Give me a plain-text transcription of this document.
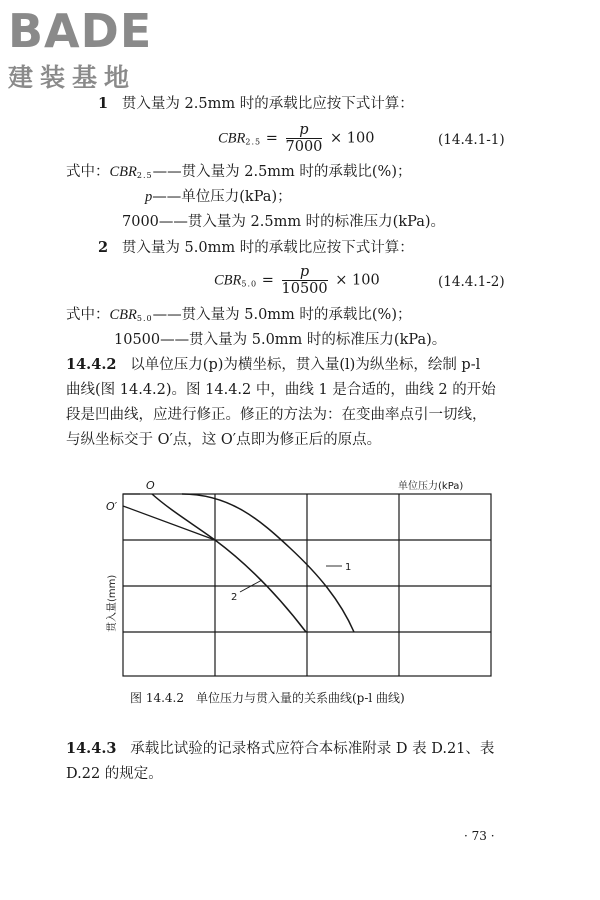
BADE
建装基地
1 贯入量为 2.5mm 时的承载比应按下式计算：
$CBR_{2.5} = \frac{p}{7000} \times 100$	(14.4.1-1)
式中：$CBR_{2.5}——$贯入量为 2.5mm 时的承载比(%)；
p——单位压力(kPa)；
7000——贯入量为 2.5mm 时的标准压力(kPa)。
2 贯入量为 5.0mm 时的承载比应按下式计算：
$CBR_{5.0} = \frac{p}{10500} \times 100$	(14.4.1-2)
式中：$CBR_{5.0}——$贯入量为 5.0mm 时的承载比(%)；
10500——贯入量为 5.0mm 时的标准压力(kPa)。
14.4.2 以单位压力(p)为横坐标，贯入量(l)为纵坐标，绘制 p-l
曲线(图 14.4.2)。图 14.4.2 中，曲线 1 是合适的，曲线 2 的开始
段是凹曲线，应进行修正。修正的方法为：在变曲率点引一切线，
与纵坐标交于 O′点，这 O′点即为修正后的原点。
O
O′
单位压力(kPa)
1
2
贯入量(mm)
图 14.4.2　单位压力与贯入量的关系曲线(p-l 曲线)
14.4.3 承载比试验的记录格式应符合本标准附录 D 表 D.21、表
D.22 的规定。
· 73 ·
